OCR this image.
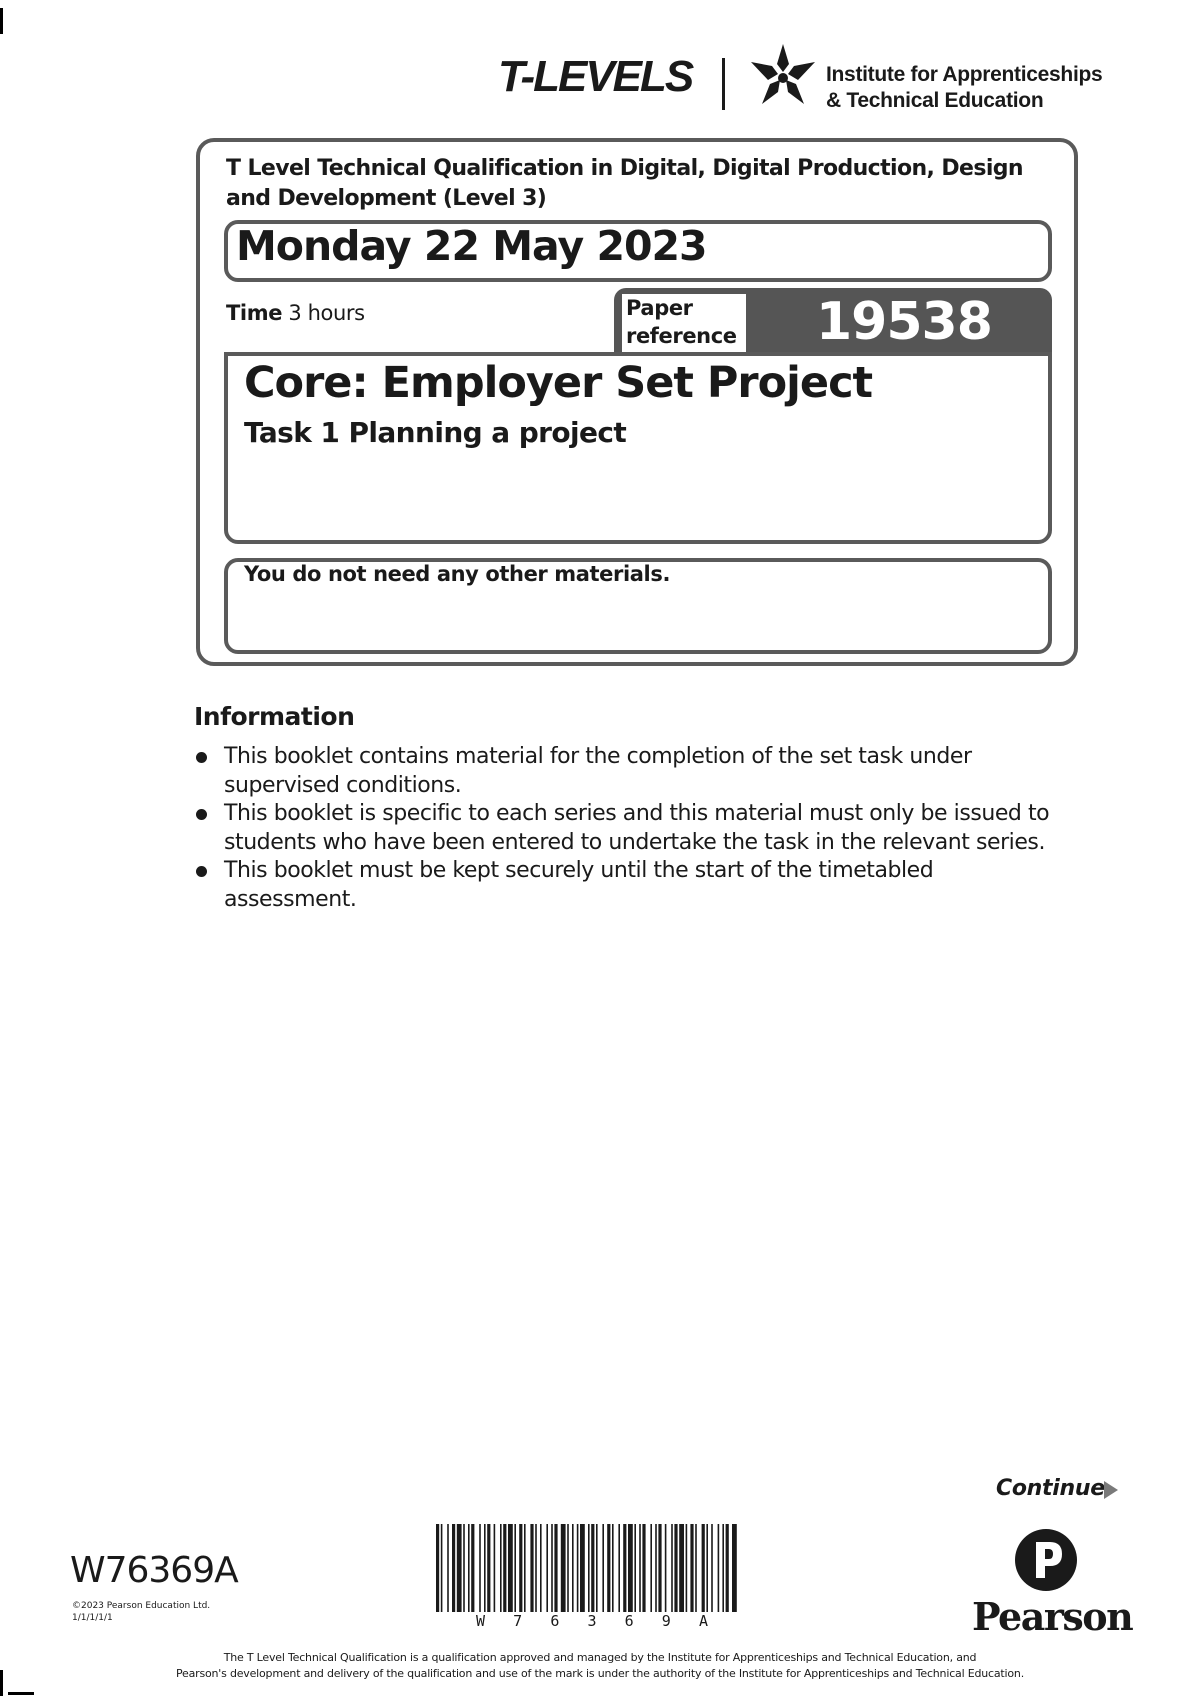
T-LEVELS	Institute for Apprenticeships
& Technical Education
T Level Technical Qualification in Digital, Digital Production, Design and Development (Level 3)
Monday 22 May 2023
Time 3 hours	Paper
reference 19538
Core: Employer Set Project
Task 1 Planning a project
You do not need any other materials.
Information
This booklet contains material for the completion of the set task under supervised conditions.
This booklet is specific to each series and this material must only be issued to students who have been entered to undertake the task in the relevant series.
This booklet must be kept securely until the start of the timetabled assessment.
Continue
W76369A
©2023 Pearson Education Ltd.
1/1/1/1/1	W 7 6 3 6 9 A	Pearson
The T Level Technical Qualification is a qualification approved and managed by the Institute for Apprenticeships and Technical Education, and
Pearson's development and delivery of the qualification and use of the mark is under the authority of the Institute for Apprenticeships and Technical Education.
